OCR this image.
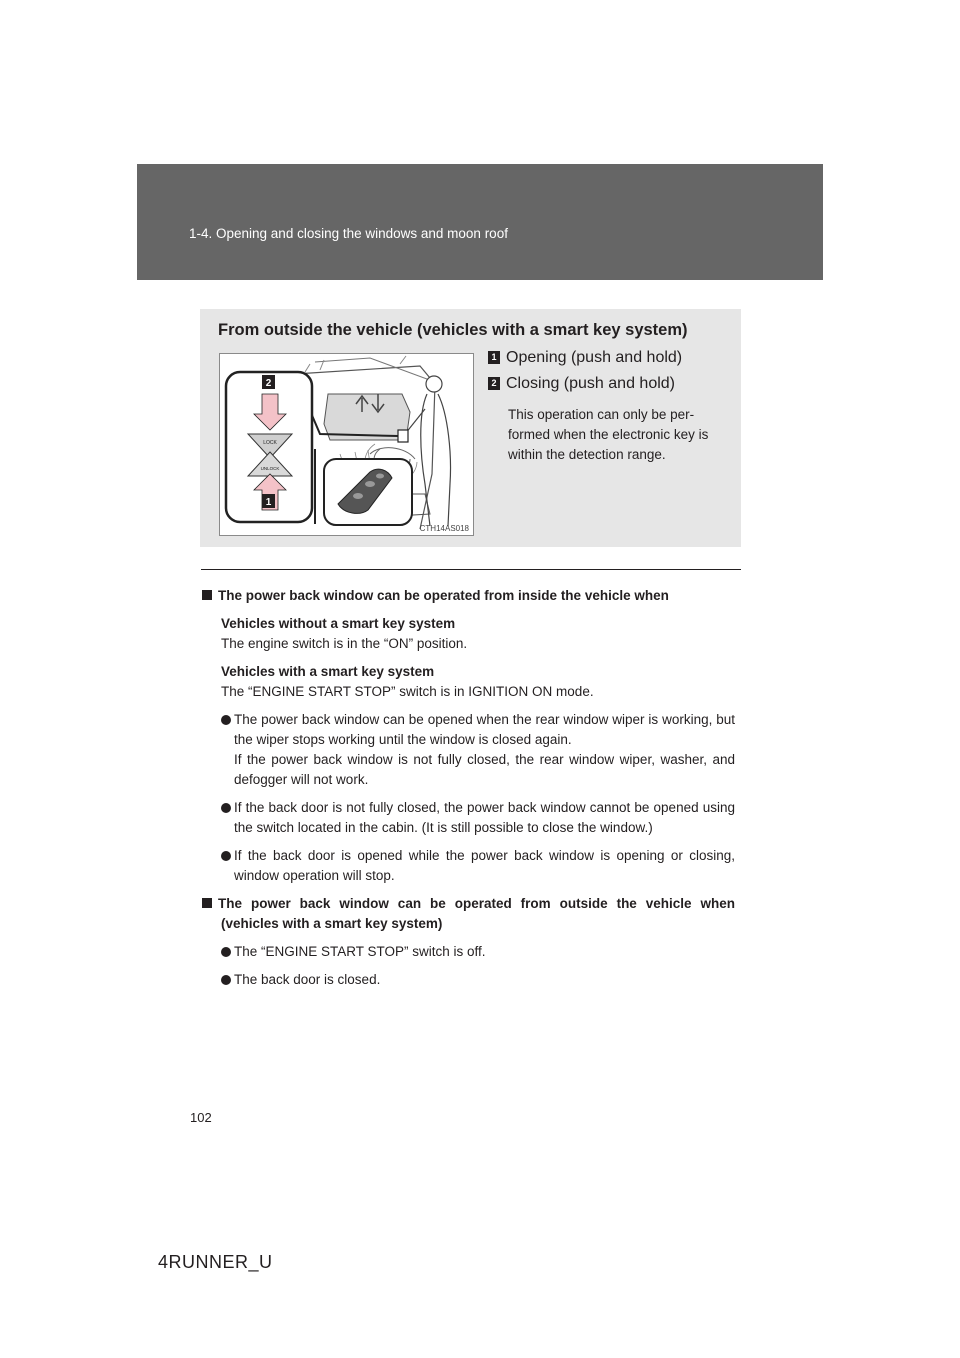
1-4. Opening and closing the windows and moon roof
From outside the vehicle (vehicles with a smart key system)
LOCK
UNLOCK
2
1
CTH14AS018
1 Opening (push and hold)
2 Closing (push and hold)
This operation can only be per-formed when the electronic key is within the detection range.

The power back window can be operated from inside the vehicle when

Vehicles without a smart key system

The engine switch is in the “ON” position.

Vehicles with a smart key system

The “ENGINE START STOP” switch is in IGNITION ON mode.

The power back window can be opened when the rear window wiper is working, but the wiper stops working until the window is closed again.

If the power back window is not fully closed, the rear window wiper, washer, and defogger will not work.

If the back door is not fully closed, the power back window cannot be opened using the switch located in the cabin. (It is still possible to close the window.)

If the back door is opened while the power back window is opening or closing, window operation will stop.

The power back window can be operated from outside the vehicle when (vehicles with a smart key system)

The “ENGINE START STOP” switch is off.

The back door is closed.

102
4RUNNER_U
